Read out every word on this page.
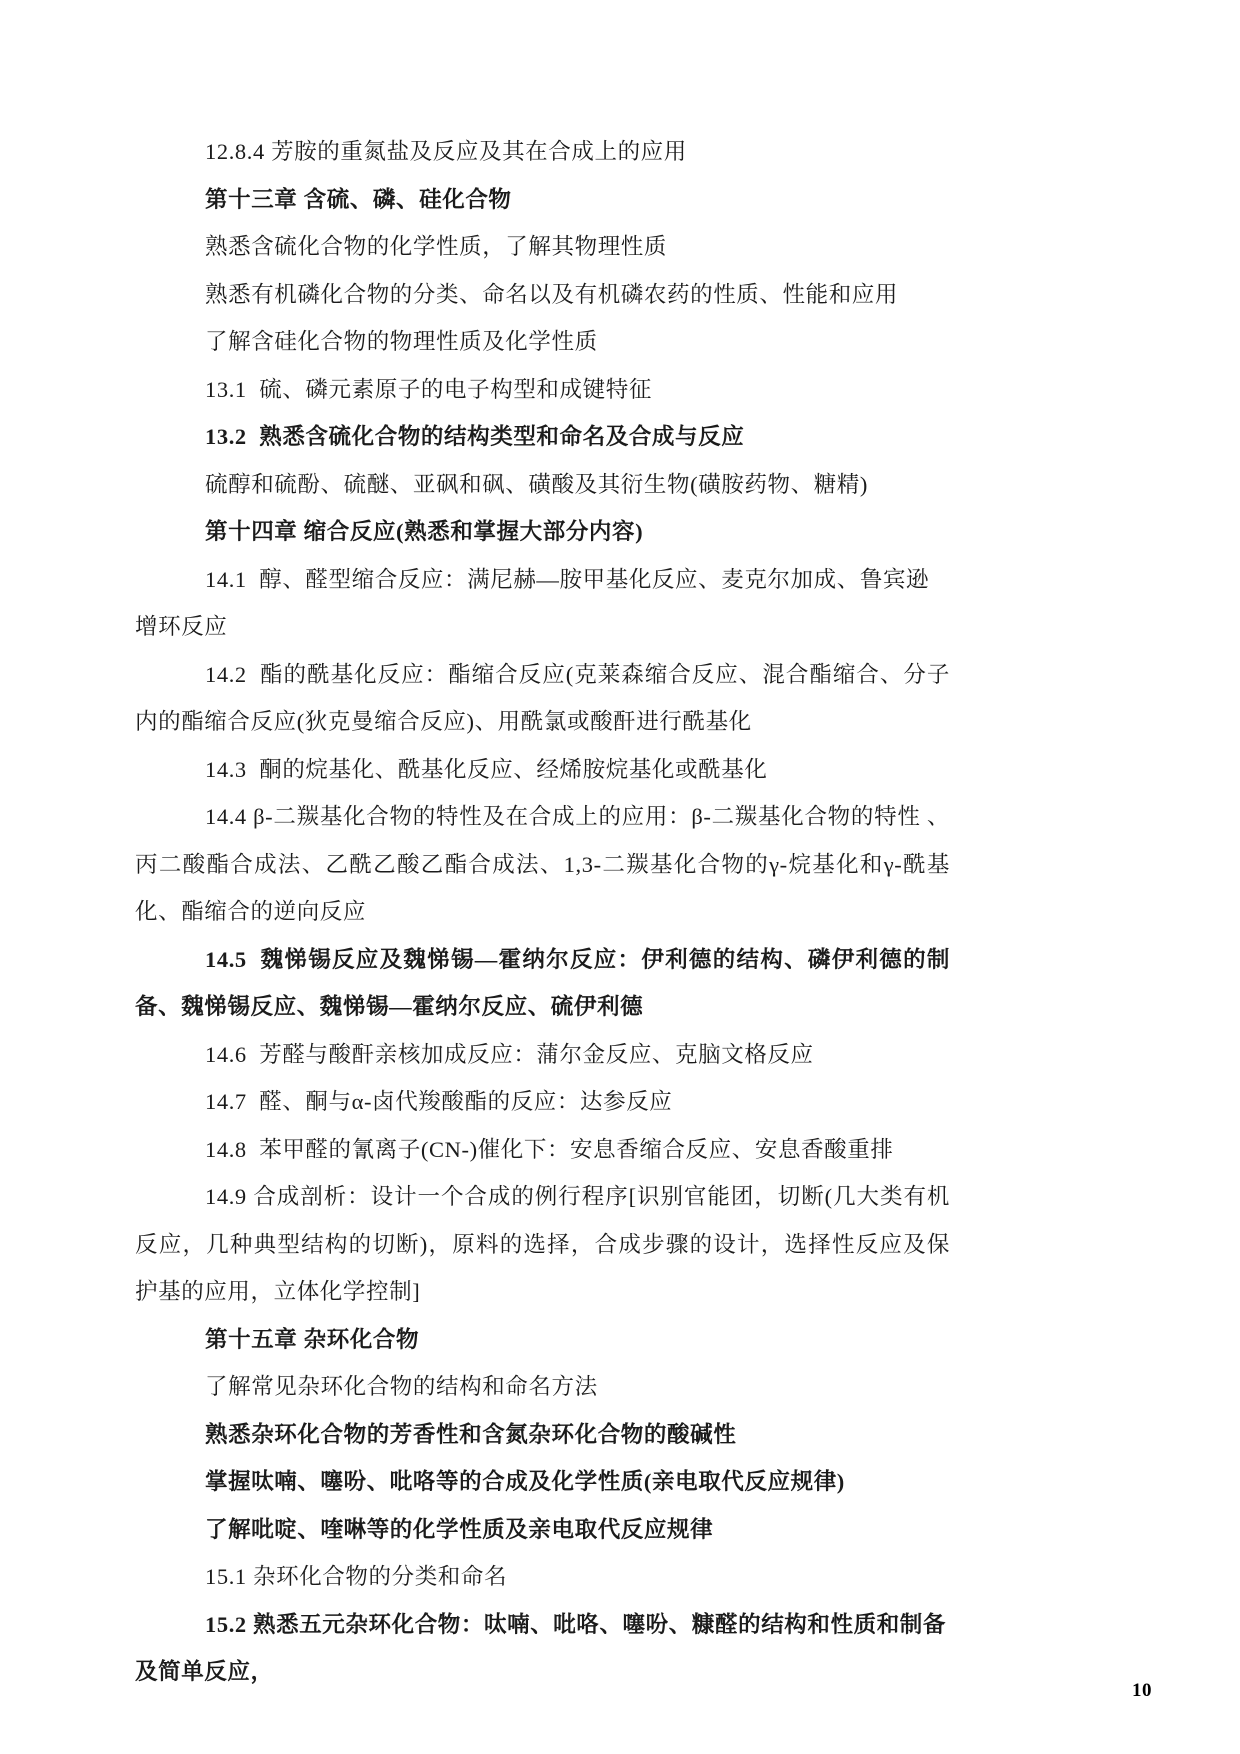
12.8.4 芳胺的重氮盐及反应及其在合成上的应用
第十三章 含硫、磷、硅化合物
熟悉含硫化合物的化学性质，了解其物理性质
熟悉有机磷化合物的分类、命名以及有机磷农药的性质、性能和应用
了解含硅化合物的物理性质及化学性质
13.1  硫、磷元素原子的电子构型和成键特征
13.2  熟悉含硫化合物的结构类型和命名及合成与反应
硫醇和硫酚、硫醚、亚砜和砜、磺酸及其衍生物(磺胺药物、糖精)
第十四章 缩合反应(熟悉和掌握大部分内容)
14.1  醇、醛型缩合反应：满尼赫—胺甲基化反应、麦克尔加成、鲁宾逊增环反应
14.2  酯的酰基化反应：酯缩合反应(克莱森缩合反应、混合酯缩合、分子内的酯缩合反应(狄克曼缩合反应)、用酰氯或酸酐进行酰基化
14.3  酮的烷基化、酰基化反应、经烯胺烷基化或酰基化
14.4 β-二羰基化合物的特性及在合成上的应用：β-二羰基化合物的特性 、丙二酸酯合成法、乙酰乙酸乙酯合成法、1,3-二羰基化合物的γ-烷基化和γ-酰基化、酯缩合的逆向反应
14.5  魏悌锡反应及魏悌锡—霍纳尔反应：伊利德的结构、磷伊利德的制备、魏悌锡反应、魏悌锡—霍纳尔反应、硫伊利德
14.6  芳醛与酸酐亲核加成反应：蒲尔金反应、克脑文格反应
14.7  醛、酮与α-卤代羧酸酯的反应：达参反应
14.8  苯甲醛的氰离子(CN-)催化下：安息香缩合反应、安息香酸重排
14.9 合成剖析：设计一个合成的例行程序[识别官能团，切断(几大类有机反应，几种典型结构的切断)，原料的选择，合成步骤的设计，选择性反应及保护基的应用，立体化学控制]
第十五章 杂环化合物
了解常见杂环化合物的结构和命名方法
熟悉杂环化合物的芳香性和含氮杂环化合物的酸碱性
掌握呔喃、噻吩、吡咯等的合成及化学性质(亲电取代反应规律)
了解吡啶、喹啉等的化学性质及亲电取代反应规律
15.1 杂环化合物的分类和命名
15.2 熟悉五元杂环化合物：呔喃、吡咯、噻吩、糠醛的结构和性质和制备及简单反应，
10
